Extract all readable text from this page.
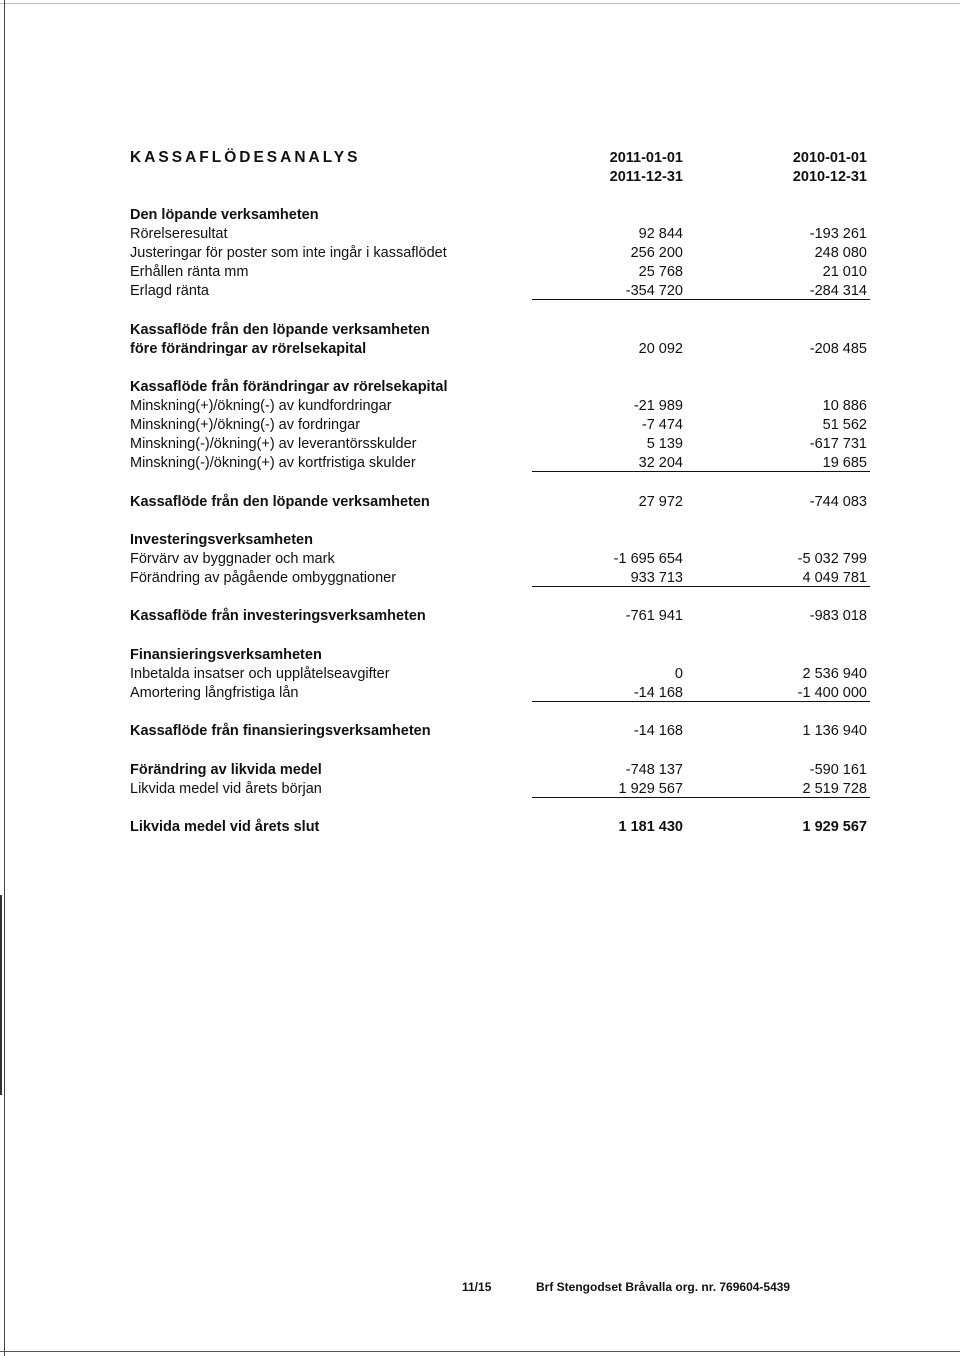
KASSAFLÖDESANALYS	2011-01-01	2010-01-01
2011-12-31	2010-12-31
Den löpande verksamheten
Rörelseresultat	92 844	-193 261
Justeringar för poster som inte ingår i kassaflödet	256 200	248 080
Erhållen ränta mm	25 768	21 010
Erlagd ränta	-354 720	-284 314
Kassaflöde från den löpande verksamheten
före förändringar av rörelsekapital	20 092	-208 485
Kassaflöde från förändringar av rörelsekapital
Minskning(+)/ökning(-) av kundfordringar	-21 989	10 886
Minskning(+)/ökning(-) av fordringar	-7 474	51 562
Minskning(-)/ökning(+) av leverantörsskulder	5 139	-617 731
Minskning(-)/ökning(+) av kortfristiga skulder	32 204	19 685
Kassaflöde från den löpande verksamheten	27 972	-744 083
Investeringsverksamheten
Förvärv av byggnader och mark	-1 695 654	-5 032 799
Förändring av pågående ombyggnationer	933 713	4 049 781
Kassaflöde från investeringsverksamheten	-761 941	-983 018
Finansieringsverksamheten
Inbetalda insatser och upplåtelseavgifter	0	2 536 940
Amortering långfristiga lån	-14 168	-1 400 000
Kassaflöde från finansieringsverksamheten	-14 168	1 136 940
Förändring av likvida medel	-748 137	-590 161
Likvida medel vid årets början	1 929 567	2 519 728
Likvida medel vid årets slut	1 181 430	1 929 567
11/15	Brf Stengodset Bråvalla org. nr. 769604-5439
